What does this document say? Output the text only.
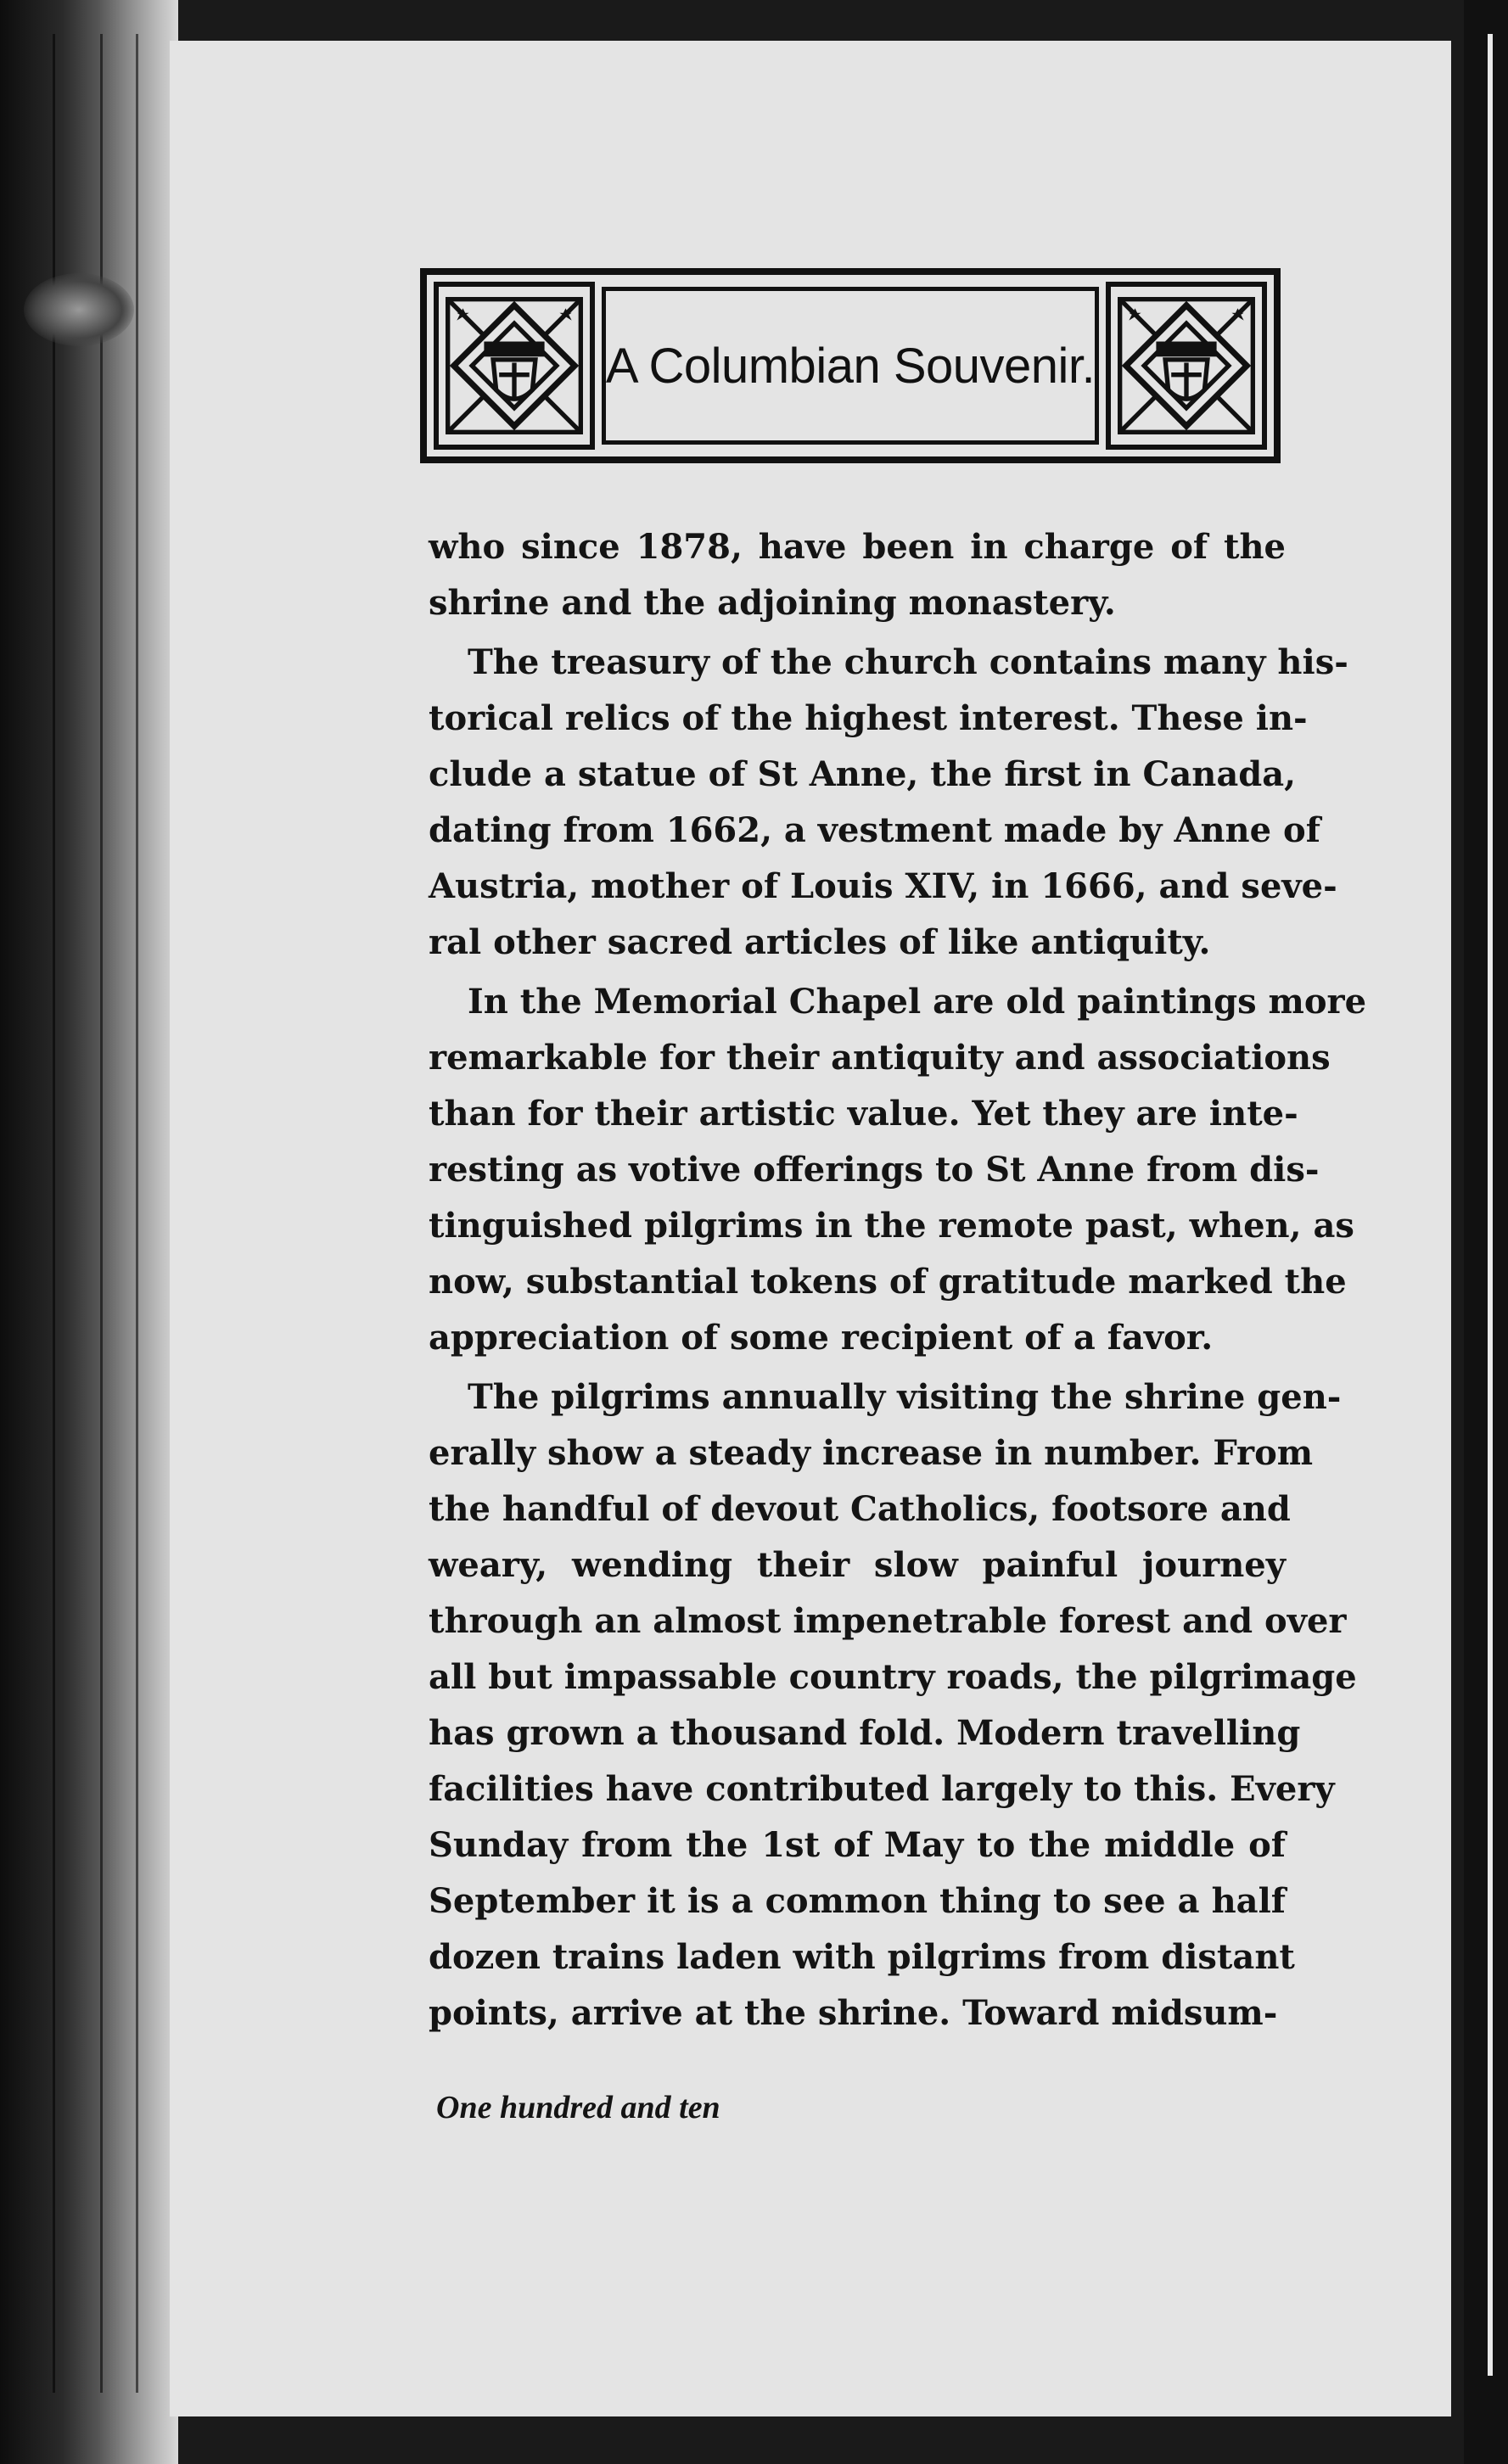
A Columbian Souvenir.
who since 1878, have been in charge of the
shrine and the adjoining monastery.
The treasury of the church contains many his-
torical relics of the highest interest. These in-
clude a statue of St Anne, the first in Canada,
dating from 1662, a vestment made by Anne of
Austria, mother of Louis XIV, in 1666, and seve-
ral other sacred articles of like antiquity.
In the Memorial Chapel are old paintings more
remarkable for their antiquity and associations
than for their artistic value. Yet they are inte-
resting as votive offerings to St Anne from dis-
tinguished pilgrims in the remote past, when, as
now, substantial tokens of gratitude marked the
appreciation of some recipient of a favor.
The pilgrims annually visiting the shrine gen-
erally show a steady increase in number. From
the handful of devout Catholics, footsore and
weary, wending their slow painful journey
through an almost impenetrable forest and over
all but impassable country roads, the pilgrimage
has grown a thousand fold. Modern travelling
facilities have contributed largely to this. Every
Sunday from the 1st of May to the middle of
September it is a common thing to see a half
dozen trains laden with pilgrims from distant
points, arrive at the shrine. Toward midsum-
One hundred and ten
